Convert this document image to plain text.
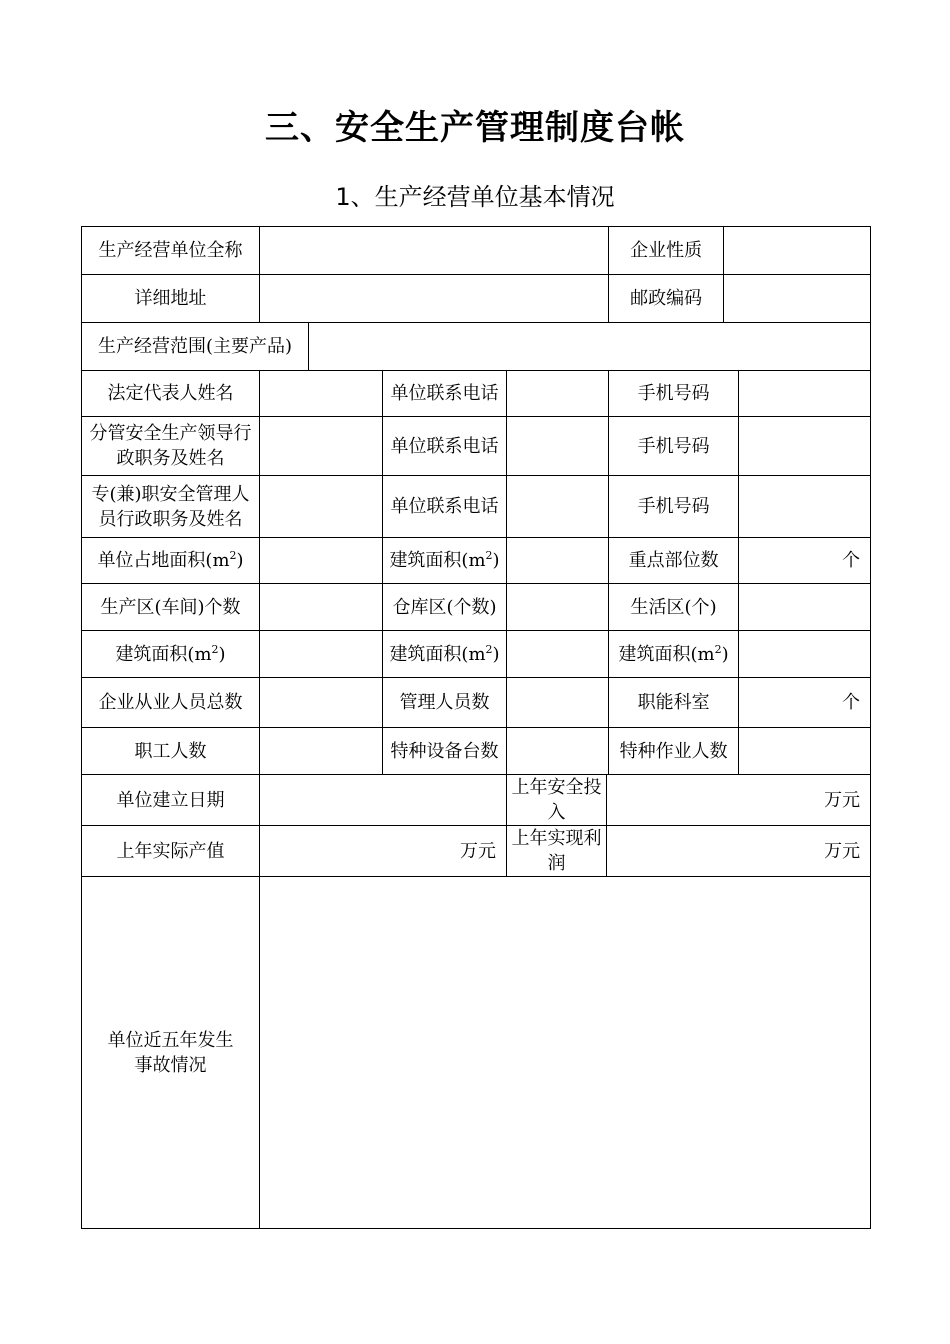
三、安全生产管理制度台帐
1、生产经营单位基本情况
生产经营单位全称						企业性质		
详细地址						邮政编码		
生产经营范围(主要产品)								
法定代表人姓名			单位联系电话			手机号码		
分管安全生产领导行政职务及姓名			单位联系电话			手机号码		
专(兼)职安全管理人员行政职务及姓名			单位联系电话			手机号码		
单位占地面积$(m^2)$			建筑面积$(m^2)$			重点部位数		个
生产区(车间)个数			仓库区(个数)			生活区(个)		
建筑面积$(m^2)$			建筑面积$(m^2)$			建筑面积$(m^2)$		
企业从业人员总数			管理人员数			职能科室		个
职工人数			特种设备台数			特种作业人数		
单位建立日期				上年安全投入	万元			
上年实际产值	万元			上年实现利润	万元			

单位近五年发生
事故情况								
